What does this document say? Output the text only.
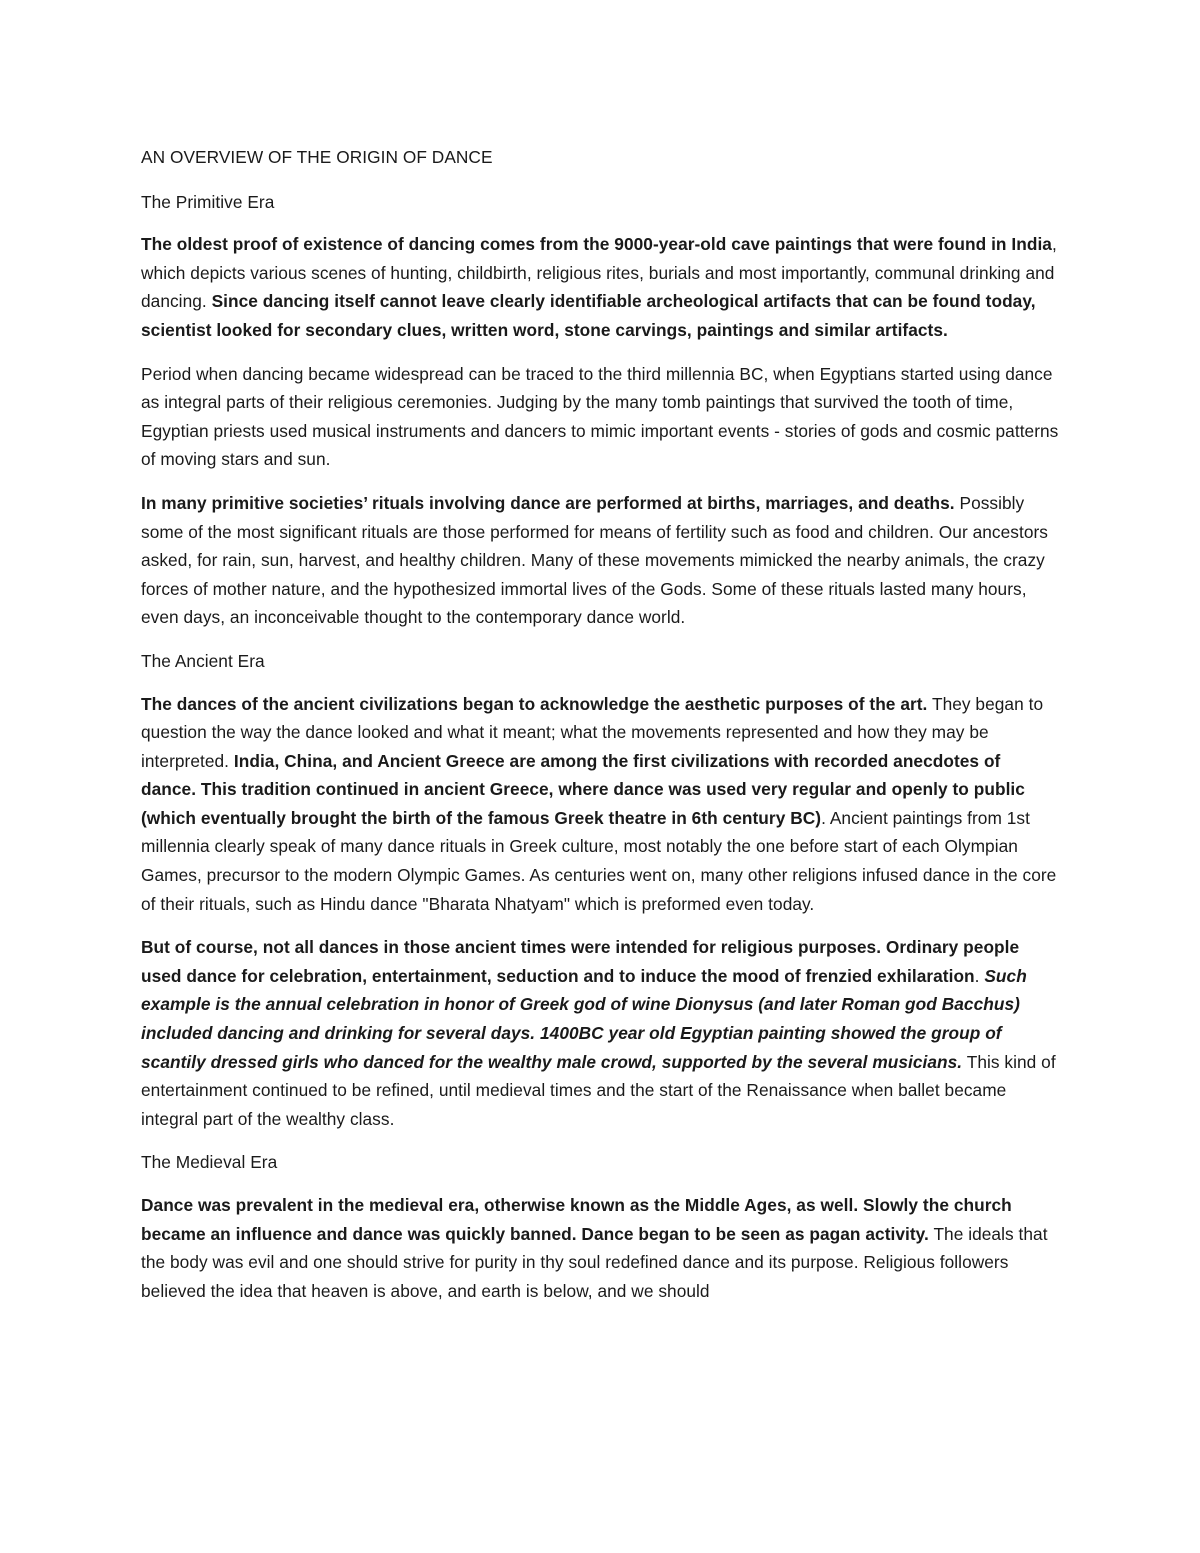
AN OVERVIEW OF THE ORIGIN OF DANCE

The Primitive Era

The oldest proof of existence of dancing comes from the 9000-year-old cave paintings that were found in India, which depicts various scenes of hunting, childbirth, religious rites, burials and most importantly, communal drinking and dancing. Since dancing itself cannot leave clearly identifiable archeological artifacts that can be found today, scientist looked for secondary clues, written word, stone carvings, paintings and similar artifacts.

Period when dancing became widespread can be traced to the third millennia BC, when Egyptians started using dance as integral parts of their religious ceremonies. Judging by the many tomb paintings that survived the tooth of time, Egyptian priests used musical instruments and dancers to mimic important events - stories of gods and cosmic patterns of moving stars and sun.

In many primitive societies’ rituals involving dance are performed at births, marriages, and deaths. Possibly some of the most significant rituals are those performed for means of fertility such as food and children. Our ancestors asked, for rain, sun, harvest, and healthy children. Many of these movements mimicked the nearby animals, the crazy forces of mother nature, and the hypothesized immortal lives of the Gods. Some of these rituals lasted many hours, even days, an inconceivable thought to the contemporary dance world.

The Ancient Era

The dances of the ancient civilizations began to acknowledge the aesthetic purposes of the art. They began to question the way the dance looked and what it meant; what the movements represented and how they may be interpreted. India, China, and Ancient Greece are among the first civilizations with recorded anecdotes of dance. This tradition continued in ancient Greece, where dance was used very regular and openly to public (which eventually brought the birth of the famous Greek theatre in 6th century BC). Ancient paintings from 1st millennia clearly speak of many dance rituals in Greek culture, most notably the one before start of each Olympian Games, precursor to the modern Olympic Games. As centuries went on, many other religions infused dance in the core of their rituals, such as Hindu dance "Bharata Nhatyam" which is preformed even today.

But of course, not all dances in those ancient times were intended for religious purposes. Ordinary people used dance for celebration, entertainment, seduction and to induce the mood of frenzied exhilaration. Such example is the annual celebration in honor of Greek god of wine Dionysus (and later Roman god Bacchus) included dancing and drinking for several days. 1400BC year old Egyptian painting showed the group of scantily dressed girls who danced for the wealthy male crowd, supported by the several musicians. This kind of entertainment continued to be refined, until medieval times and the start of the Renaissance when ballet became integral part of the wealthy class.

The Medieval Era

Dance was prevalent in the medieval era, otherwise known as the Middle Ages, as well. Slowly the church became an influence and dance was quickly banned. Dance began to be seen as pagan activity. The ideals that the body was evil and one should strive for purity in thy soul redefined dance and its purpose. Religious followers believed the idea that heaven is above, and earth is below, and we should
